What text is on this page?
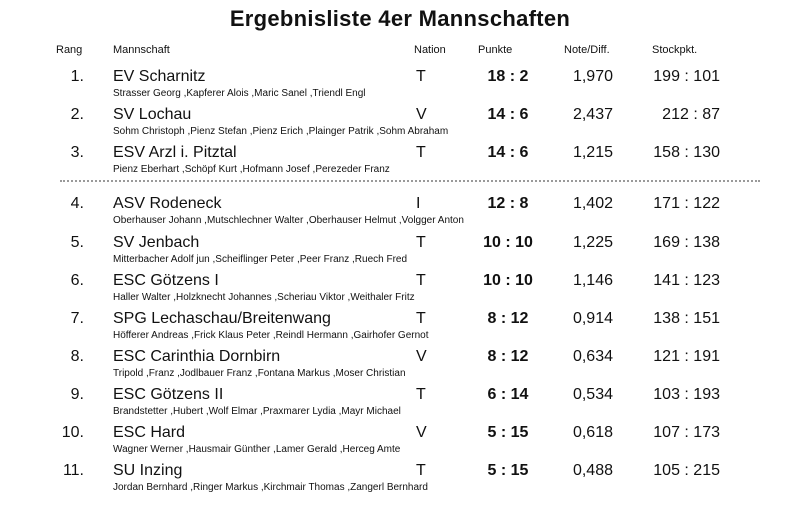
Ergebnisliste 4er Mannschaften
Rang	Mannschaft	Nation	Punkte	Note/Diff.	Stockpkt.
1. EV Scharnitz	T	18 : 2	1,970	199 : 101
Strasser Georg ,Kapferer Alois ,Maric Sanel ,Triendl Engl
2. SV Lochau	V	14 : 6	2,437	212 : 87
Sohm Christoph ,Pienz Stefan ,Pienz Erich ,Plainger Patrik ,Sohm Abraham
3. ESV Arzl i. Pitztal	T	14 : 6	1,215	158 : 130
Pienz Eberhart ,Schöpf Kurt ,Hofmann Josef ,Perezeder Franz
4. ASV Rodeneck	I	12 : 8	1,402	171 : 122
Oberhauser Johann ,Mutschlechner Walter ,Oberhauser Helmut ,Volgger Anton
5. SV Jenbach	T	10 : 10	1,225	169 : 138
Mitterbacher Adolf jun ,Scheiflinger Peter ,Peer Franz ,Ruech Fred
6. ESC Götzens I	T	10 : 10	1,146	141 : 123
Haller Walter ,Holzknecht Johannes ,Scheriau Viktor ,Weithaler Fritz
7. SPG Lechaschau/Breitenwang	T	8 : 12	0,914	138 : 151
Höfferer Andreas ,Frick Klaus Peter ,Reindl Hermann ,Gairhofer Gernot
8. ESC Carinthia Dornbirn	V	8 : 12	0,634	121 : 191
Tripold ,Franz ,Jodlbauer Franz ,Fontana Markus ,Moser Christian
9. ESC Götzens II	T	6 : 14	0,534	103 : 193
Brandstetter ,Hubert ,Wolf Elmar ,Praxmarer Lydia ,Mayr Michael
10. ESC Hard	V	5 : 15	0,618	107 : 173
Wagner Werner ,Hausmair Günther ,Lamer Gerald ,Herceg Amte
11. SU Inzing	T	5 : 15	0,488	105 : 215
Jordan Bernhard ,Ringer Markus ,Kirchmair Thomas ,Zangerl Bernhard
